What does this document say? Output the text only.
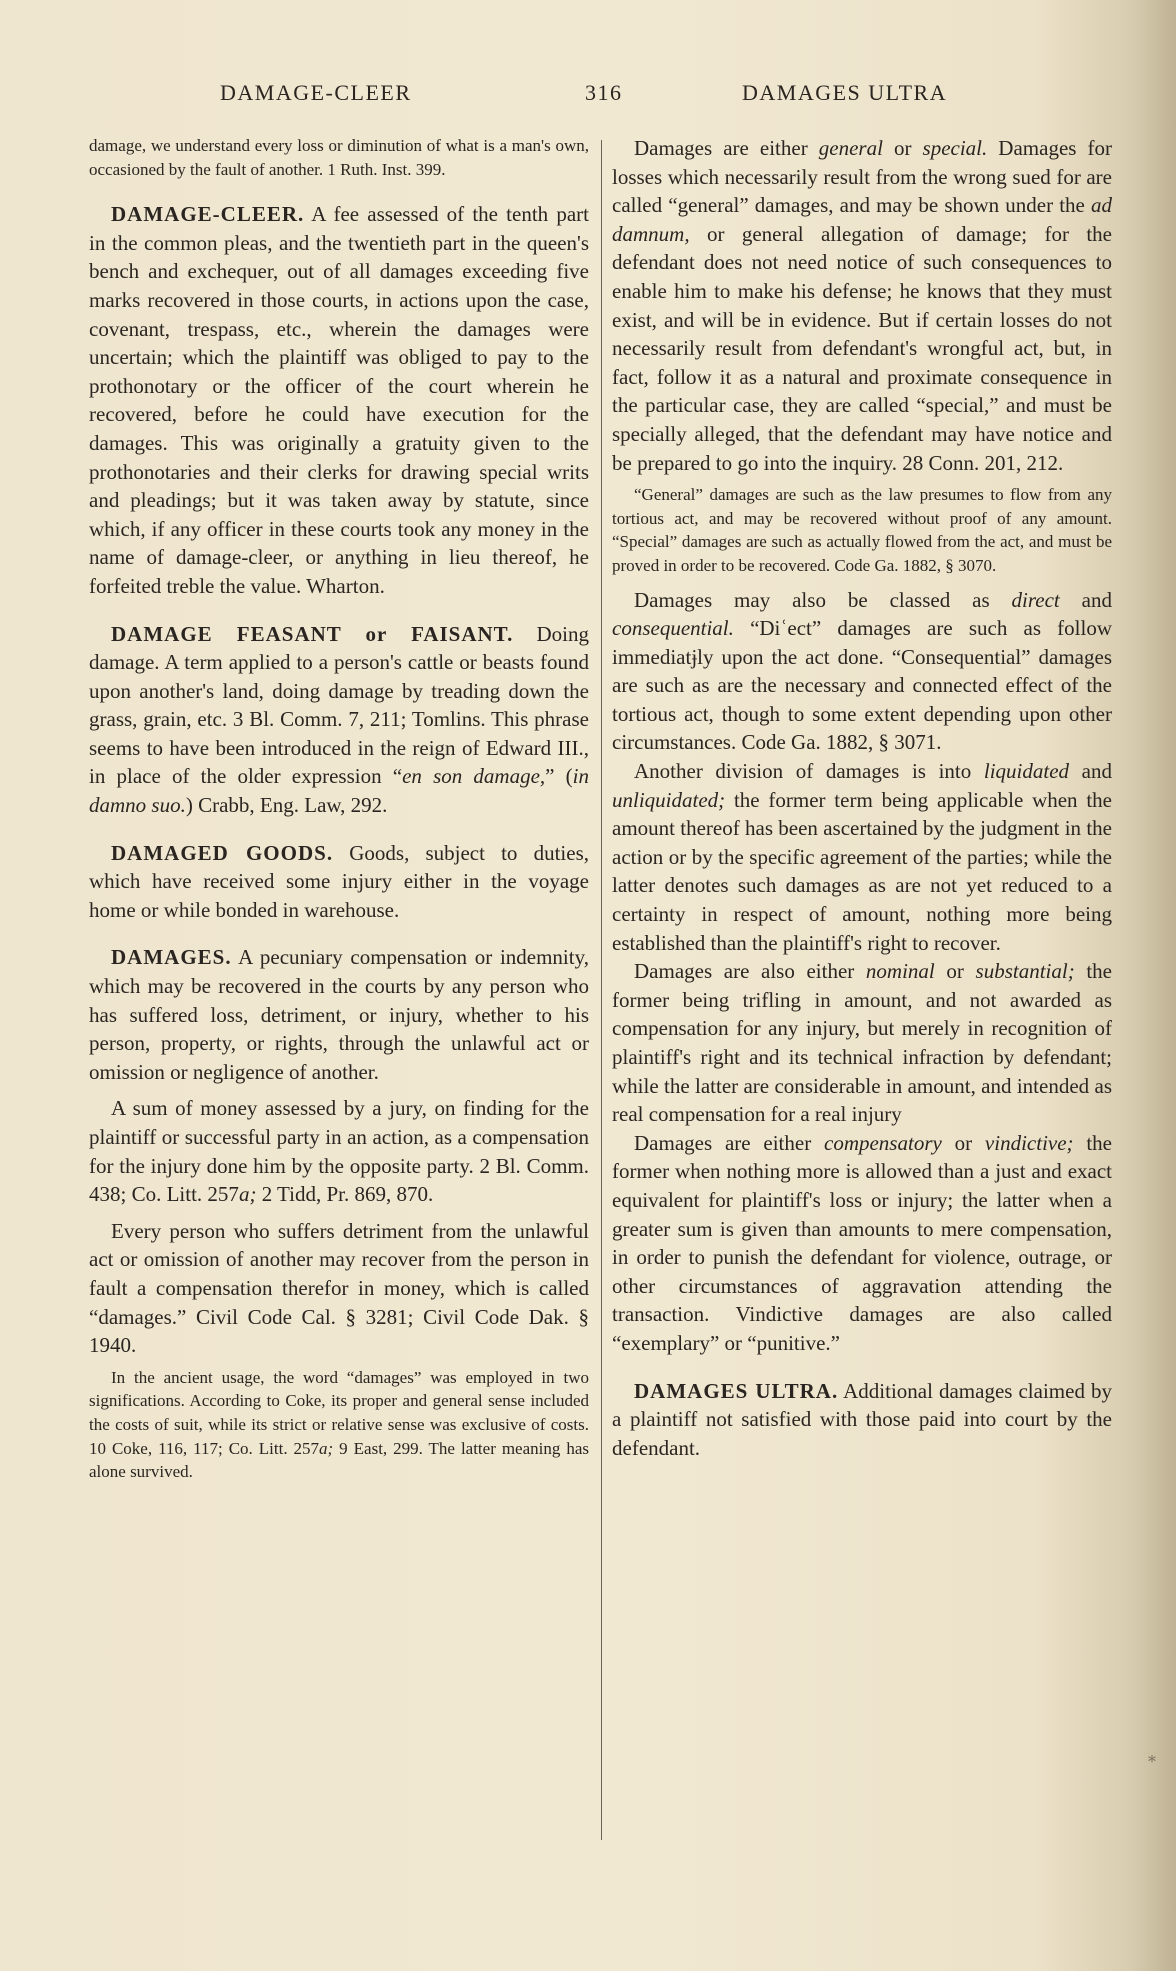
DAMAGE-CLEER	316	DAMAGES ULTRA

damage, we understand every loss or diminution of what is a man's own, occasioned by the fault of another. 1 Ruth. Inst. 399.

DAMAGE-CLEER. A fee assessed of the tenth part in the common pleas, and the twentieth part in the queen's bench and exchequer, out of all damages exceeding five marks recovered in those courts, in actions upon the case, covenant, trespass, etc., wherein the damages were uncertain; which the plaintiff was obliged to pay to the prothonotary or the officer of the court wherein he recovered, before he could have execution for the damages. This was originally a gratuity given to the prothonotaries and their clerks for drawing special writs and pleadings; but it was taken away by statute, since which, if any officer in these courts took any money in the name of damage-cleer, or anything in lieu thereof, he forfeited treble the value. Wharton.

DAMAGE FEASANT or FAISANT. Doing damage. A term applied to a person's cattle or beasts found upon another's land, doing damage by treading down the grass, grain, etc. 3 Bl. Comm. 7, 211; Tomlins. This phrase seems to have been introduced in the reign of Edward III., in place of the older expression “en son damage,” (in damno suo.) Crabb, Eng. Law, 292.

DAMAGED GOODS. Goods, subject to duties, which have received some injury either in the voyage home or while bonded in warehouse.

DAMAGES. A pecuniary compensation or indemnity, which may be recovered in the courts by any person who has suffered loss, detriment, or injury, whether to his person, property, or rights, through the unlawful act or omission or negligence of another.

A sum of money assessed by a jury, on finding for the plaintiff or successful party in an action, as a compensation for the injury done him by the opposite party. 2 Bl. Comm. 438; Co. Litt. 257a; 2 Tidd, Pr. 869, 870.

Every person who suffers detriment from the unlawful act or omission of another may recover from the person in fault a compensation therefor in money, which is called “damages.” Civil Code Cal. § 3281; Civil Code Dak. § 1940.

In the ancient usage, the word “damages” was employed in two significations. According to Coke, its proper and general sense included the costs of suit, while its strict or relative sense was exclusive of costs. 10 Coke, 116, 117; Co. Litt. 257a; 9 East, 299. The latter meaning has alone survived.

Damages are either general or special. Damages for losses which necessarily result from the wrong sued for are called “general” damages, and may be shown under the ad damnum, or general allegation of damage; for the defendant does not need notice of such consequences to enable him to make his defense; he knows that they must exist, and will be in evidence. But if certain losses do not necessarily result from defendant's wrongful act, but, in fact, follow it as a natural and proximate consequence in the particular case, they are called “special,” and must be specially alleged, that the defendant may have notice and be prepared to go into the inquiry. 28 Conn. 201, 212.

“General” damages are such as the law presumes to flow from any tortious act, and may be recovered without proof of any amount. “Special” damages are such as actually flowed from the act, and must be proved in order to be recovered. Code Ga. 1882, § 3070.

Damages may also be classed as direct and consequential. “Diʿect” damages are such as follow immediatɉly upon the act done. “Consequential” damages are such as are the necessary and connected effect of the tortious act, though to some extent depending upon other circumstances. Code Ga. 1882, § 3071.

Another division of damages is into liquidated and unliquidated; the former term being applicable when the amount thereof has been ascertained by the judgment in the action or by the specific agreement of the parties; while the latter denotes such damages as are not yet reduced to a certainty in respect of amount, nothing more being established than the plaintiff's right to recover.

Damages are also either nominal or substantial; the former being trifling in amount, and not awarded as compensation for any injury, but merely in recognition of plaintiff's right and its technical infraction by defendant; while the latter are considerable in amount, and intended as real compensation for a real injury

Damages are either compensatory or vindictive; the former when nothing more is allowed than a just and exact equivalent for plaintiff's loss or injury; the latter when a greater sum is given than amounts to mere compensation, in order to punish the defendant for violence, outrage, or other circumstances of aggravation attending the transaction. Vindictive damages are also called “exemplary” or “punitive.”

DAMAGES ULTRA. Additional damages claimed by a plaintiff not satisfied with those paid into court by the defendant.

*
